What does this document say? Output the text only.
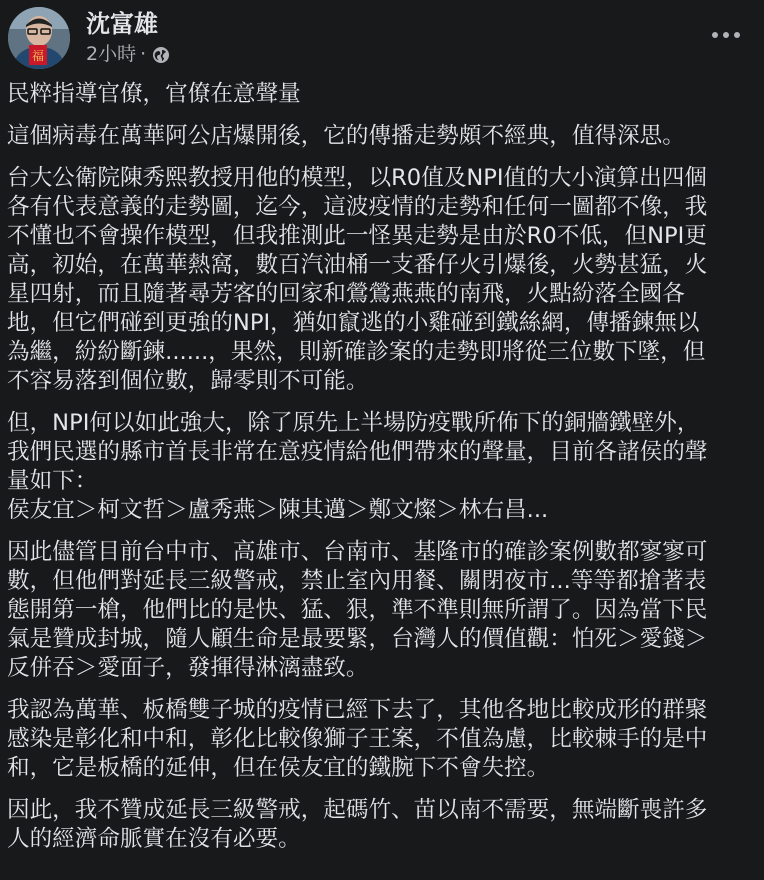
福
沈富雄
2小時 ·

民粹指導官僚，官僚在意聲量

這個病毒在萬華阿公店爆開後，它的傳播走勢頗不經典，值得深思。

台大公衛院陳秀熙教授用他的模型，以R0值及NPI值的大小演算出四個
各有代表意義的走勢圖，迄今，這波疫情的走勢和任何一圖都不像，我
不懂也不會操作模型，但我推測此一怪異走勢是由於R0不低，但NPI更
高，初始，在萬華熱窩，數百汽油桶一支番仔火引爆後，火勢甚猛，火
星四射，而且隨著尋芳客的回家和鶯鶯燕燕的南飛，火點紛落全國各
地，但它們碰到更強的NPI，猶如竄逃的小雞碰到鐵絲網，傳播鍊無以
為繼，紛紛斷鍊......，果然，則新確診案的走勢即將從三位數下墜，但
不容易落到個位數，歸零則不可能。

但，NPI何以如此強大，除了原先上半場防疫戰所佈下的銅牆鐵壁外，
我們民選的縣市首長非常在意疫情給他們帶來的聲量，目前各諸侯的聲
量如下：
侯友宜＞柯文哲＞盧秀燕＞陳其邁＞鄭文燦＞林右昌...

因此儘管目前台中市、高雄市、台南市、基隆市的確診案例數都寥寥可
數，但他們對延長三級警戒，禁止室內用餐、關閉夜市...等等都搶著表
態開第一槍，他們比的是快、猛、狠，準不準則無所謂了。因為當下民
氣是贊成封城，隨人顧生命是最要緊，台灣人的價值觀：怕死＞愛錢＞
反併吞＞愛面子，發揮得淋漓盡致。

我認為萬華、板橋雙子城的疫情已經下去了，其他各地比較成形的群聚
感染是彰化和中和，彰化比較像獅子王案，不值為慮，比較棘手的是中
和，它是板橋的延伸，但在侯友宜的鐵腕下不會失控。

因此，我不贊成延長三級警戒，起碼竹、苗以南不需要，無端斷喪許多
人的經濟命脈實在沒有必要。
